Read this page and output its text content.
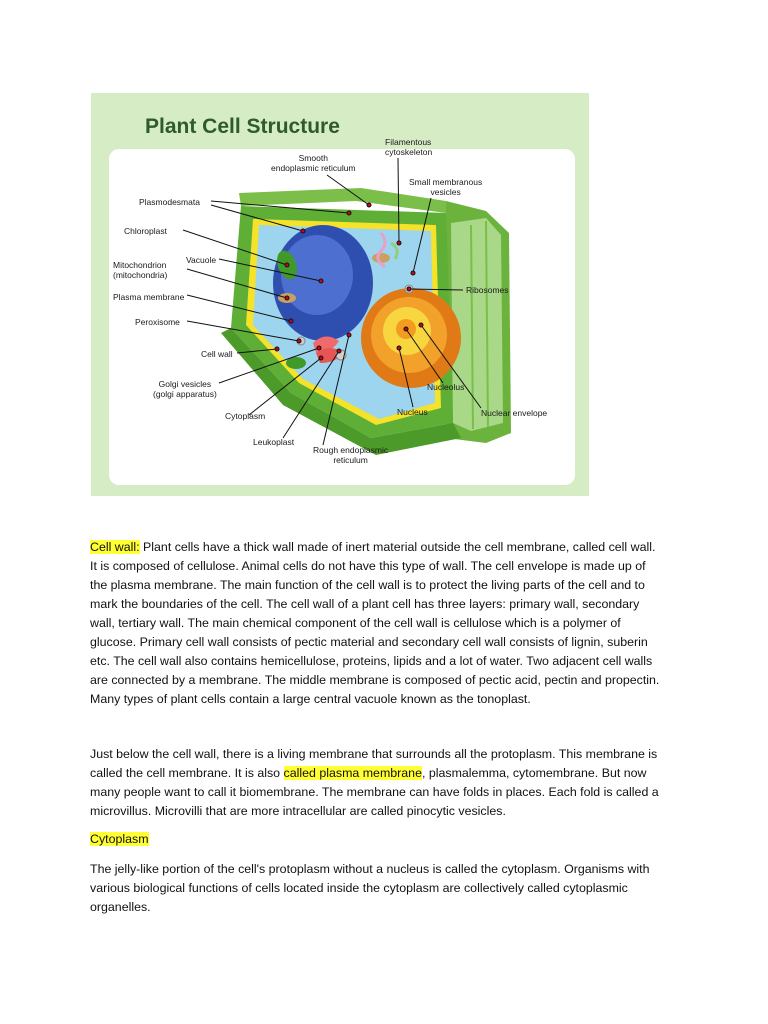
Plant Cell Structure

Smooth
endoplasmic reticulum

Filamentous
cytoskeleton

Small membranous
vesicles

Plasmodesmata

Chloroplast

Vacuole

Mitochondrion
(mitochondria)

Plasma membrane

Peroxisome

Cell wall

Golgi vesicles
(golgi apparatus)

Cytoplasm

Leukoplast

Rough endoplasmic
reticulum

Ribosomes

Nucleolus

Nucleus	Nuclear envelope

Cell wall: Plant cells have a thick wall made of inert material outside the cell membrane, called cell wall.
It is composed of cellulose. Animal cells do not have this type of wall. The cell envelope is made up of
the plasma membrane. The main function of the cell wall is to protect the living parts of the cell and to
mark the boundaries of the cell. The cell wall of a plant cell has three layers: primary wall, secondary
wall, tertiary wall. The main chemical component of the cell wall is cellulose which is a polymer of
glucose. Primary cell wall consists of pectic material and secondary cell wall consists of lignin, suberin
etc. The cell wall also contains hemicellulose, proteins, lipids and a lot of water. Two adjacent cell walls
are connected by a membrane. The middle membrane is composed of pectic acid, pectin and propectin.
Many types of plant cells contain a large central vacuole known as the tonoplast.

Just below the cell wall, there is a living membrane that surrounds all the protoplasm. This membrane is
called the cell membrane. It is also called plasma membrane, plasmalemma, cytomembrane. But now
many people want to call it biomembrane. The membrane can have folds in places. Each fold is called a
microvillus. Microvilli that are more intracellular are called pinocytic vesicles.

Cytoplasm

The jelly-like portion of the cell's protoplasm without a nucleus is called the cytoplasm. Organisms with
various biological functions of cells located inside the cytoplasm are collectively called cytoplasmic
organelles.
